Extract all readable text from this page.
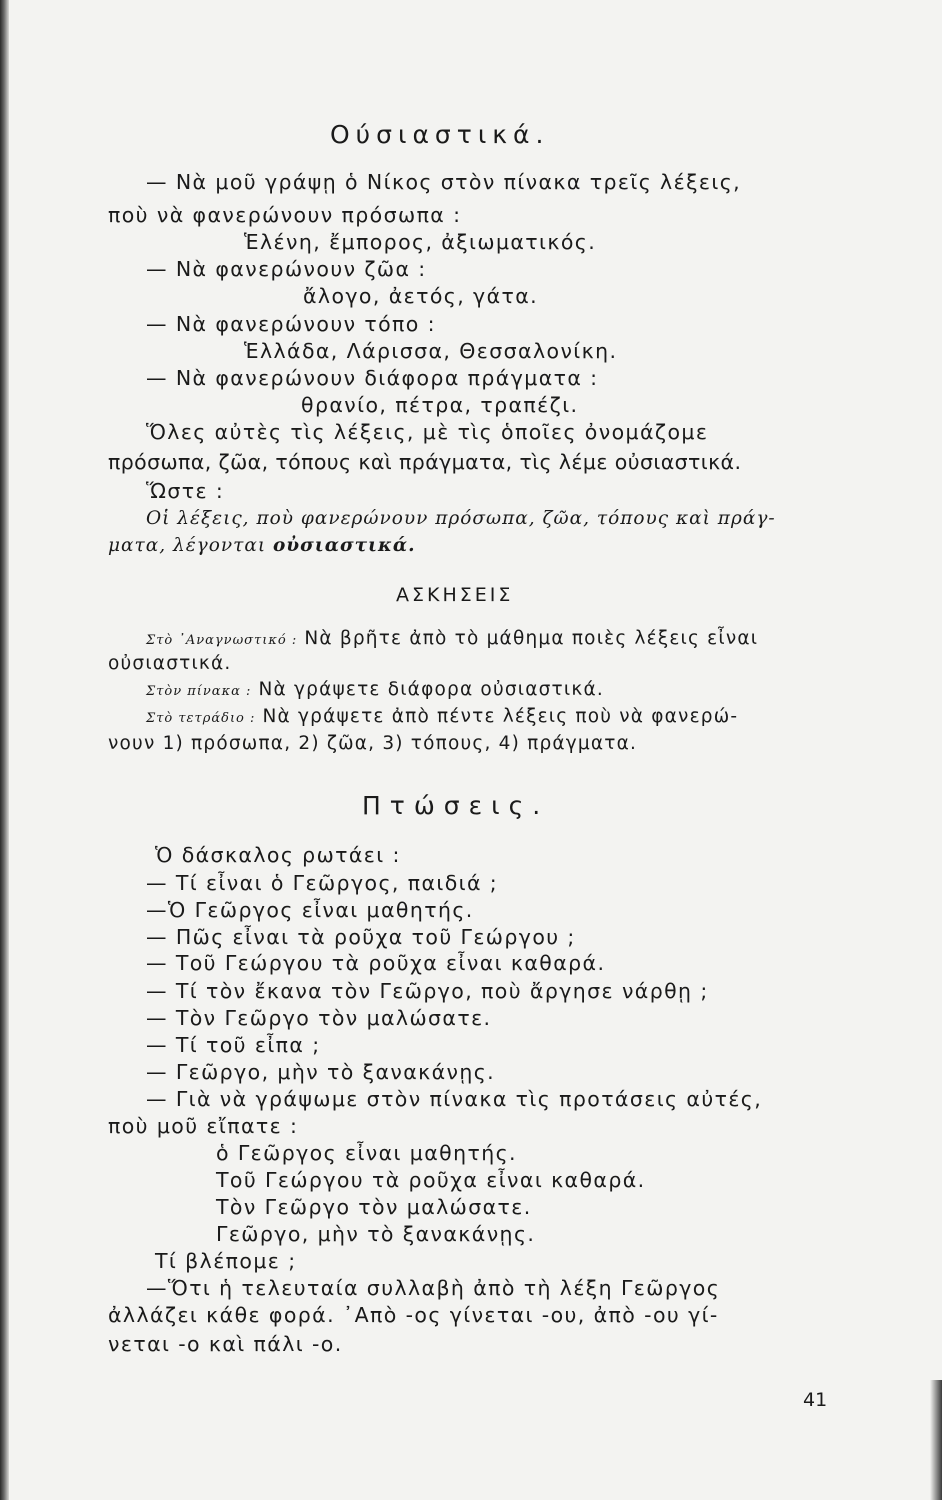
Ούσιαστικά.
— Νὰ μοῦ γράψῃ ὁ Νίκος στὸν πίνακα τρεῖς λέξεις,
ποὺ νὰ φανερώνουν πρόσωπα :
Ἑλένη, ἔμπορος, ἀξιωματικός.
— Νὰ φανερώνουν ζῶα :
ἄλογο, ἀετός, γάτα.
— Νὰ φανερώνουν τόπο :
Ἑλλάδα, Λάρισσα, Θεσσαλονίκη.
— Νὰ φανερώνουν διάφορα πράγματα :
θρανίο, πέτρα, τραπέζι.
Ὅλες αὐτὲς τὶς λέξεις, μὲ τὶς ὁποῖες ὀνομάζομε
πρόσωπα, ζῶα, τόπους καὶ πράγματα, τὶς λέμε οὐσιαστικά.
Ὥστε :
Οἱ λέξεις, ποὺ φανερώνουν πρόσωπα, ζῶα, τόπους καὶ πράγ-
ματα, λέγονται οὐσιαστικά.
ΑΣΚΗΣΕΙΣ
Στὸ ᾿Αναγνωστικό : Νὰ βρῆτε ἀπὸ τὸ μάθημα ποιὲς λέξεις εἶναι
οὐσιαστικά.
Στὸν πίνακα : Νὰ γράψετε διάφορα οὐσιαστικά.
Στὸ τετράδιο : Νὰ γράψετε ἀπὸ πέντε λέξεις ποὺ νὰ φανερώ-
νουν 1) πρόσωπα, 2) ζῶα, 3) τόπους, 4) πράγματα.
Πτώσεις.
Ὁ δάσκαλος ρωτάει :
— Τί εἶναι ὁ Γεῶργος, παιδιά ;
—Ὁ Γεῶργος εἶναι μαθητής.
— Πῶς εἶναι τὰ ροῦχα τοῦ Γεώργου ;
— Τοῦ Γεώργου τὰ ροῦχα εἶναι καθαρά.
— Τί τὸν ἔκανα τὸν Γεῶργο, ποὺ ἄργησε νάρθῃ ;
— Τὸν Γεῶργο τὸν μαλώσατε.
— Τί τοῦ εἶπα ;
— Γεῶργο, μὴν τὸ ξανακάνῃς.
— Γιὰ νὰ γράψωμε στὸν πίνακα τὶς προτάσεις αὐτές,
ποὺ μοῦ εἴπατε :
ὁ Γεῶργος εἶναι μαθητής.
Τοῦ Γεώργου τὰ ροῦχα εἶναι καθαρά.
Τὸν Γεῶργο τὸν μαλώσατε.
Γεῶργο, μὴν τὸ ξανακάνῃς.
Τί βλέπομε ;
—Ὅτι ἡ τελευταία συλλαβὴ ἀπὸ τὴ λέξη Γεῶργος
ἀλλάζει κάθε φορά. ᾿Απὸ -ος γίνεται -ου, ἀπὸ -ου γί-
νεται -ο καὶ πάλι -ο.
41
